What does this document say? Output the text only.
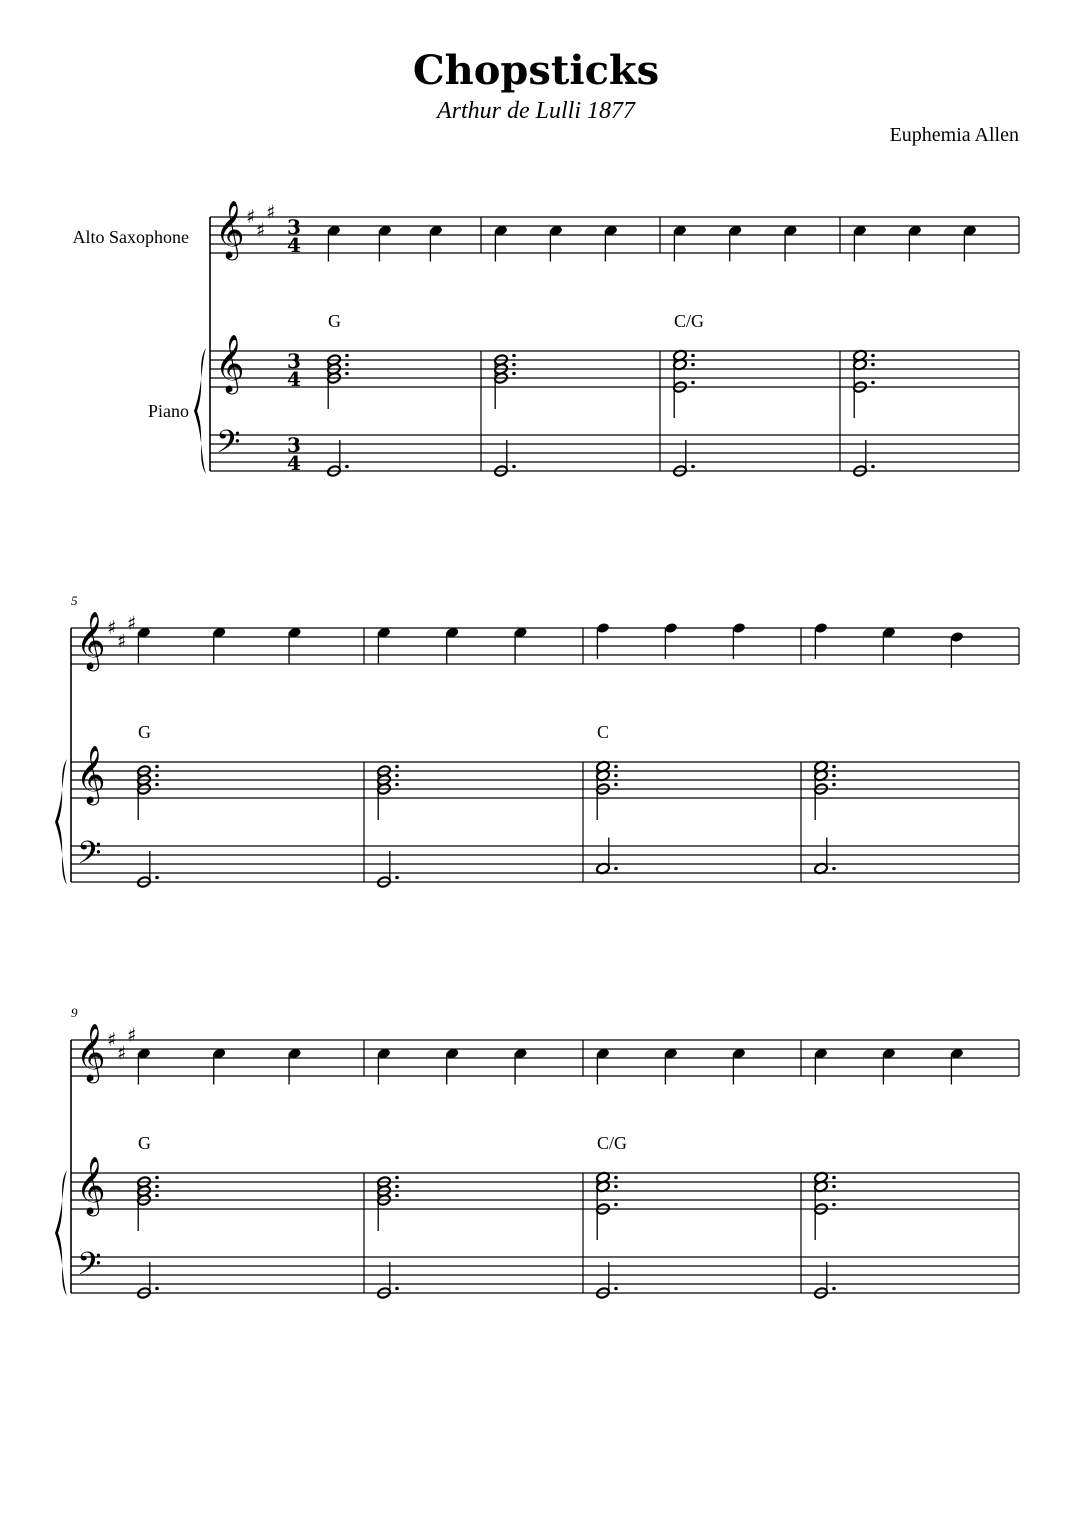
Chopsticks
Arthur de Lulli 1877
Euphemia Allen
𝄞
𝄞
𝄢
♯
♯
♯
3
4
3
4
3
4
Alto Saxophone
Piano
G	C/G
𝄞
𝄞
𝄢
♯
♯
♯
5
G	C
𝄞
𝄞
𝄢
♯
♯
♯
9
G	C/G
